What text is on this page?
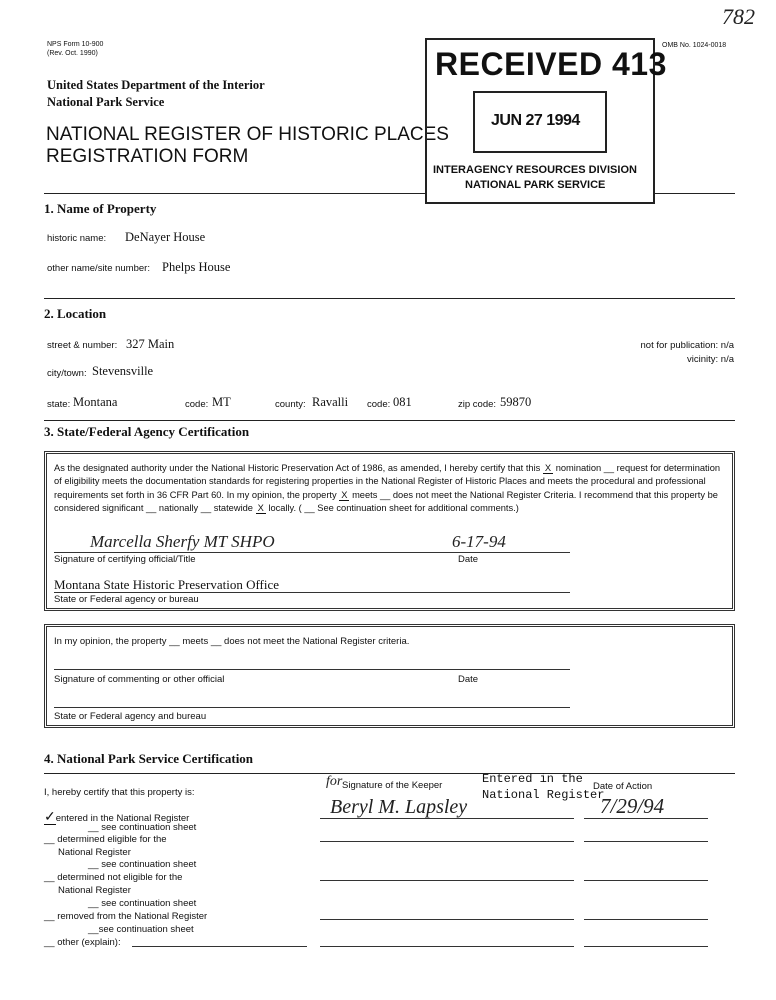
782
NPS Form 10-900
(Rev. Oct. 1990)
OMB No. 1024-0018
United States Department of the Interior
National Park Service
NATIONAL REGISTER OF HISTORIC PLACES
REGISTRATION FORM
RECEIVED 413
JUN 27 1994
INTERAGENCY RESOURCES DIVISION
NATIONAL PARK SERVICE
1. Name of Property
historic name: DeNayer House
other name/site number: Phelps House
2. Location
street & number: 327 Main	not for publication: n/a
vicinity: n/a
city/town: Stevensville
state: Montana	code: MT	county: Ravalli code: 081	zip code: 59870
3. State/Federal Agency Certification
As the designated authority under the National Historic Preservation Act of 1986, as amended, I hereby certify that this X nomination __ request for determination of eligibility meets the documentation standards for registering properties in the National Register of Historic Places and meets the procedural and professional requirements set forth in 36 CFR Part 60. In my opinion, the property X meets __ does not meet the National Register Criteria. I recommend that this property be considered significant __ nationally __ statewide X locally. ( __ See continuation sheet for additional comments.)
Marcella Sherfy MT SHPO	6-17-94
Signature of certifying official/Title	Date
Montana State Historic Preservation Office
State or Federal agency or bureau
In my opinion, the property __ meets __ does not meet the National Register criteria.
Signature of commenting or other official	Date
State or Federal agency and bureau
4. National Park Service Certification
I, hereby certify that this property is:
✓entered in the National Register
__ see continuation sheet
__ determined eligible for the
National Register
__ see continuation sheet
__ determined not eligible for the
National Register
__ see continuation sheet
__ removed from the National Register
__see continuation sheet
__ other (explain):
for Signature of the Keeper	Entered in the
National Register
Date of Action
Beryl M. Lapsley	7/29/94
